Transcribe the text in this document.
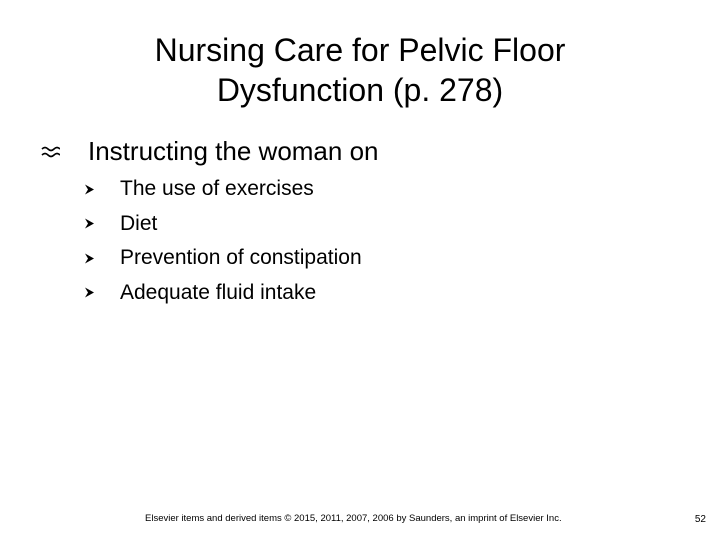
Nursing Care for Pelvic Floor
Dysfunction (p. 278)
Instructing the woman on
The use of exercises
Diet
Prevention of constipation
Adequate fluid intake
Elsevier items and derived items © 2015, 2011, 2007, 2006 by Saunders, an imprint of Elsevier Inc.	52
